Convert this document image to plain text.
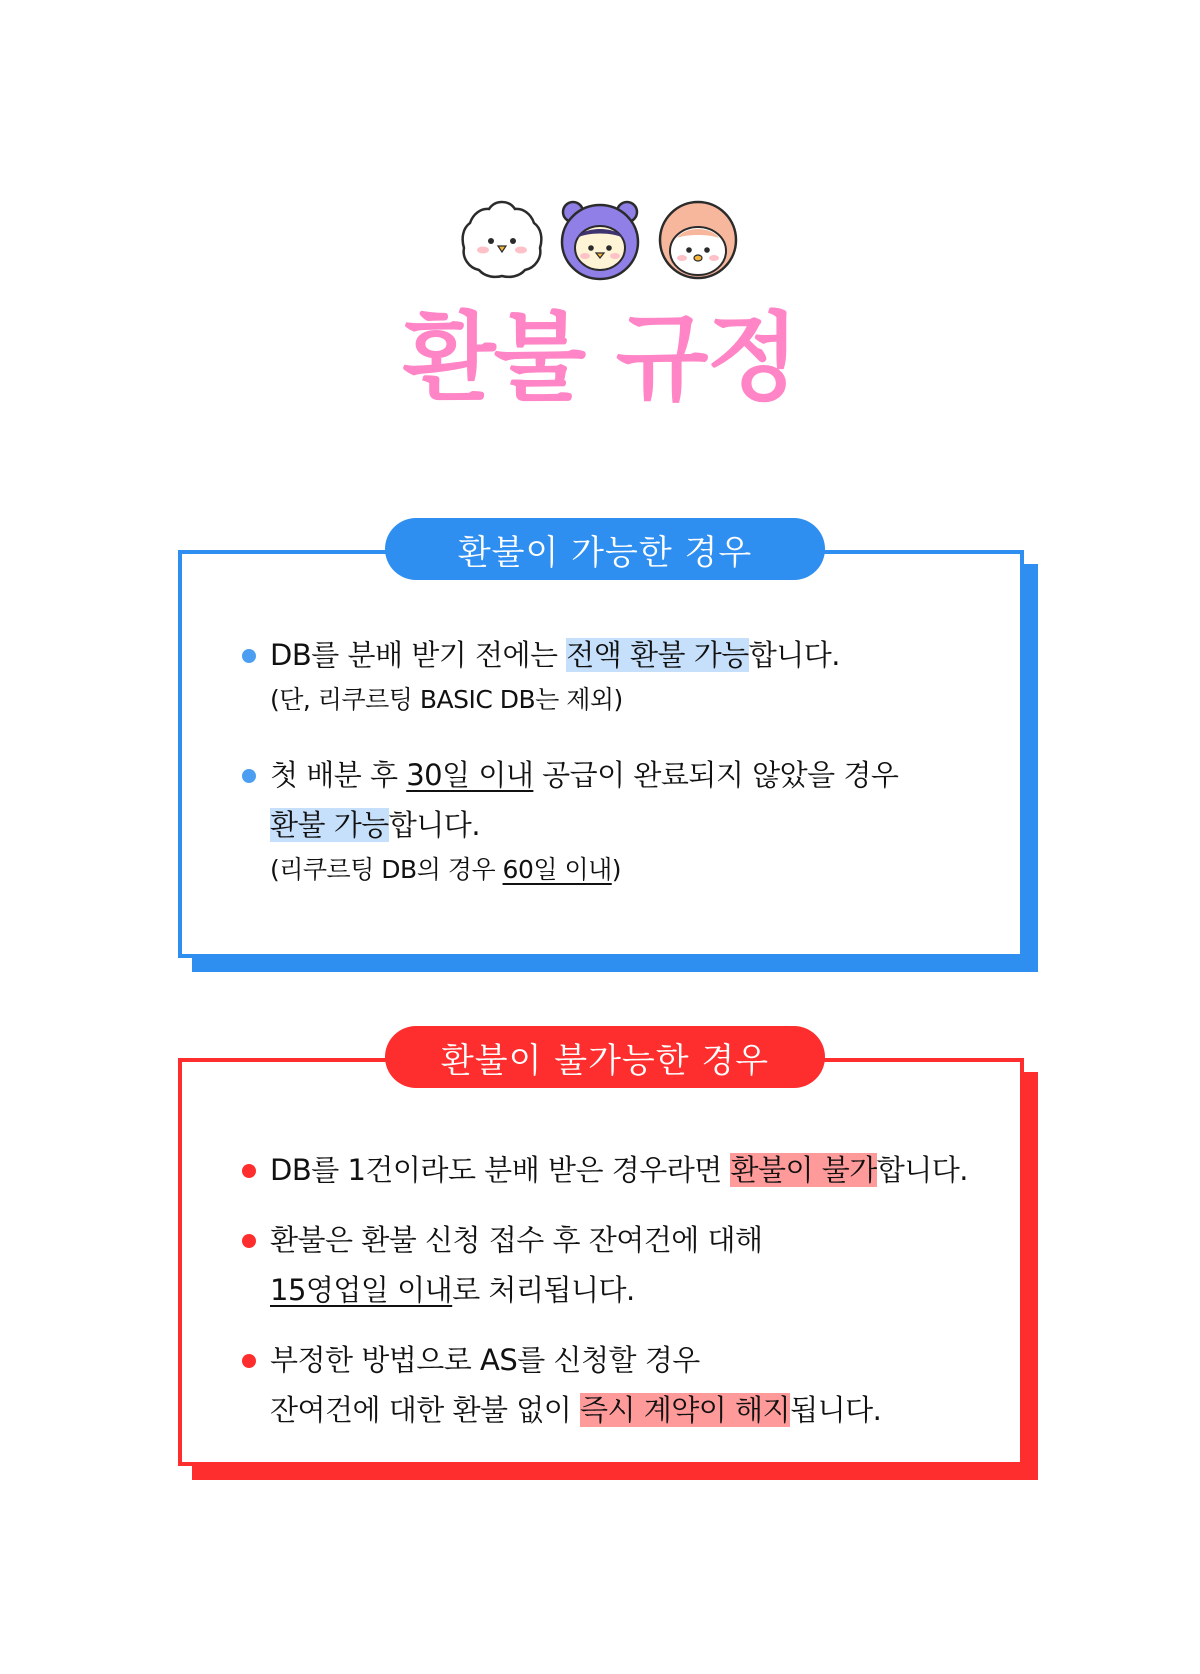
환불 규정
환불이 가능한 경우
DB를 분배 받기 전에는 전액 환불 가능합니다.
(단, 리쿠르팅 BASIC DB는 제외)
첫 배분 후 30일 이내 공급이 완료되지 않았을 경우
환불 가능합니다.
(리쿠르팅 DB의 경우 60일 이내)
환불이 불가능한 경우
DB를 1건이라도 분배 받은 경우라면 환불이 불가합니다.
환불은 환불 신청 접수 후 잔여건에 대해
15영업일 이내로 처리됩니다.
부정한 방법으로 AS를 신청할 경우
잔여건에 대한 환불 없이 즉시 계약이 해지됩니다.
